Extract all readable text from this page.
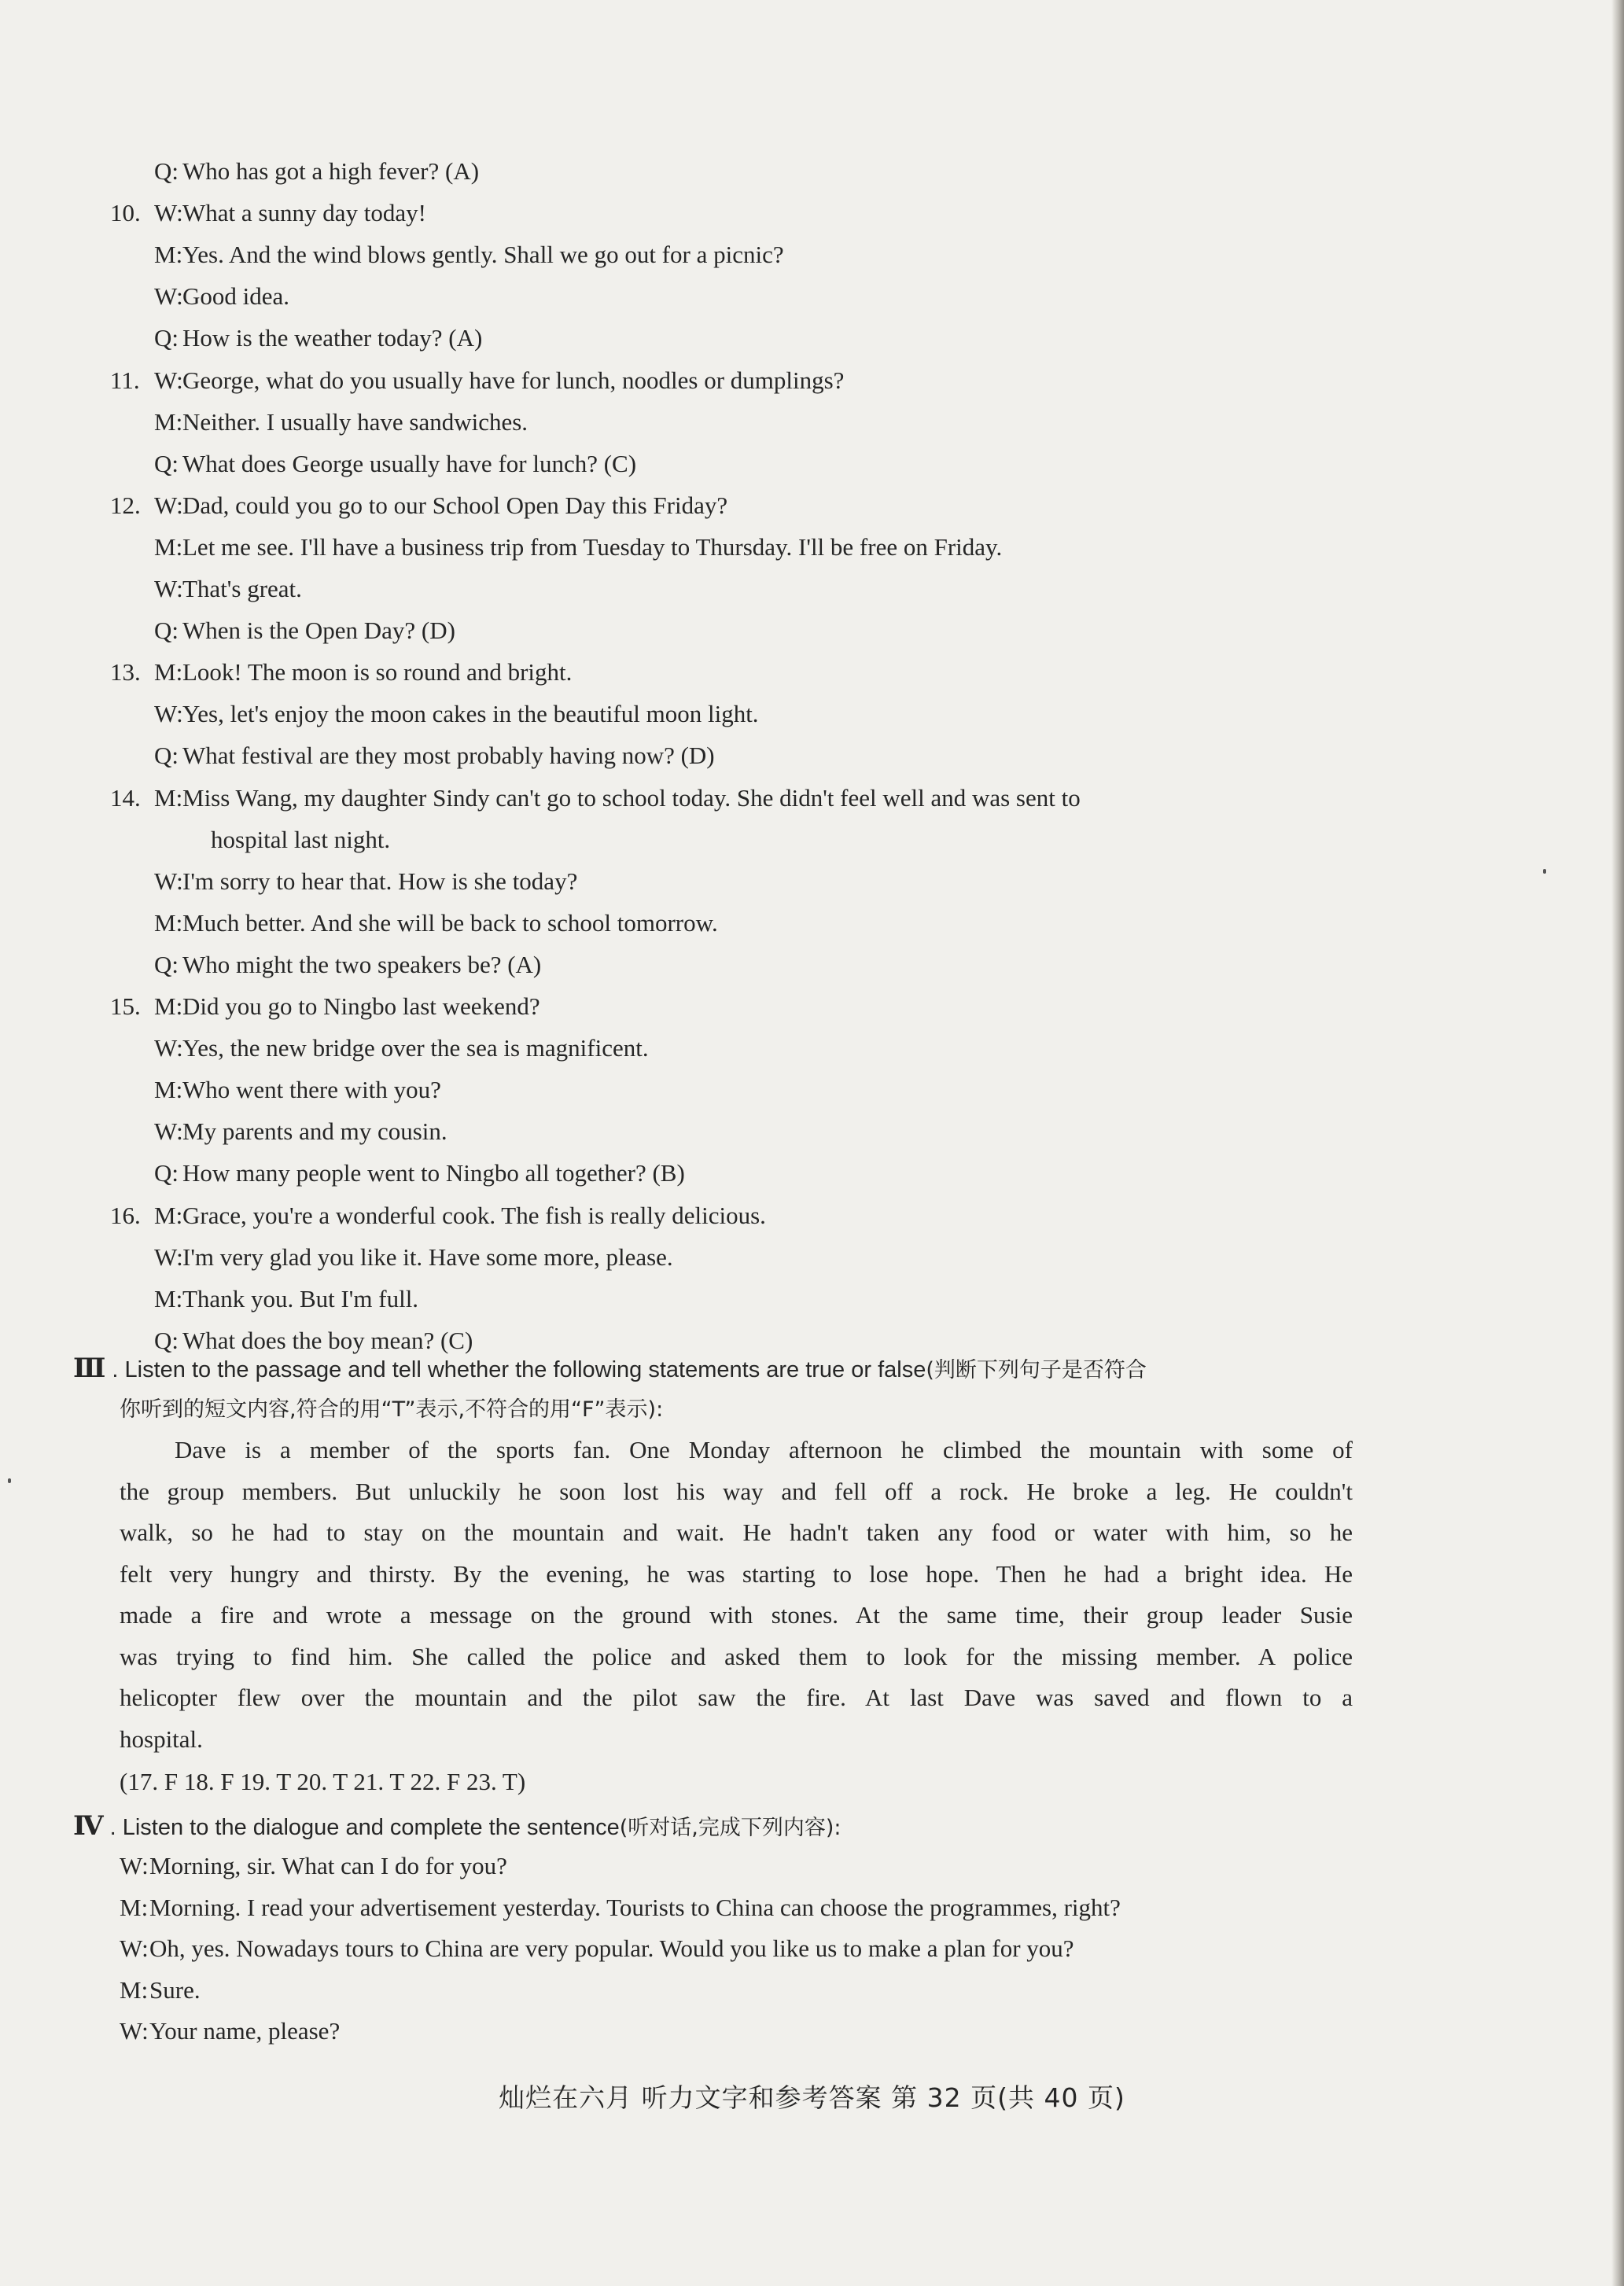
Q: Who has got a high fever? (A)
10. W: What a sunny day today!
M: Yes. And the wind blows gently. Shall we go out for a picnic?
W: Good idea.
Q: How is the weather today? (A)
11. W: George, what do you usually have for lunch, noodles or dumplings?
M: Neither. I usually have sandwiches.
Q: What does George usually have for lunch? (C)
12. W: Dad, could you go to our School Open Day this Friday?
M: Let me see. I'll have a business trip from Tuesday to Thursday. I'll be free on Friday.
W: That's great.
Q: When is the Open Day? (D)
13. M: Look! The moon is so round and bright.
W: Yes, let's enjoy the moon cakes in the beautiful moon light.
Q: What festival are they most probably having now? (D)
14. M: Miss Wang, my daughter Sindy can't go to school today. She didn't feel well and was sent to
hospital last night.
W: I'm sorry to hear that. How is she today?
M: Much better. And she will be back to school tomorrow.
Q: Who might the two speakers be? (A)
15. M: Did you go to Ningbo last weekend?
W: Yes, the new bridge over the sea is magnificent.
M: Who went there with you?
W: My parents and my cousin.
Q: How many people went to Ningbo all together? (B)
16. M: Grace, you're a wonderful cook. The fish is really delicious.
W: I'm very glad you like it. Have some more, please.
M: Thank you. But I'm full.
Q: What does the boy mean? (C)
Ⅲ . Listen to the passage and tell whether the following statements are true or false(判断下列句子是否符合
你听到的短文内容,符合的用“T”表示,不符合的用“F”表示):
Dave is a member of the sports fan. One Monday afternoon he climbed the mountain with some of
the group members. But unluckily he soon lost his way and fell off a rock. He broke a leg. He couldn't
walk, so he had to stay on the mountain and wait. He hadn't taken any food or water with him, so he
felt very hungry and thirsty. By the evening, he was starting to lose hope. Then he had a bright idea. He
made a fire and wrote a message on the ground with stones. At the same time, their group leader Susie
was trying to find him. She called the police and asked them to look for the missing member. A police
helicopter flew over the mountain and the pilot saw the fire. At last Dave was saved and flown to a
hospital.
(17. F 18. F 19. T 20. T 21. T 22. F 23. T)
Ⅳ . Listen to the dialogue and complete the sentence(听对话,完成下列内容):
W: Morning, sir. What can I do for you?
M: Morning. I read your advertisement yesterday. Tourists to China can choose the programmes, right?
W: Oh, yes. Nowadays tours to China are very popular. Would you like us to make a plan for you?
M: Sure.
W: Your name, please?
灿烂在六月 听力文字和参考答案 第 32 页(共 40 页)
